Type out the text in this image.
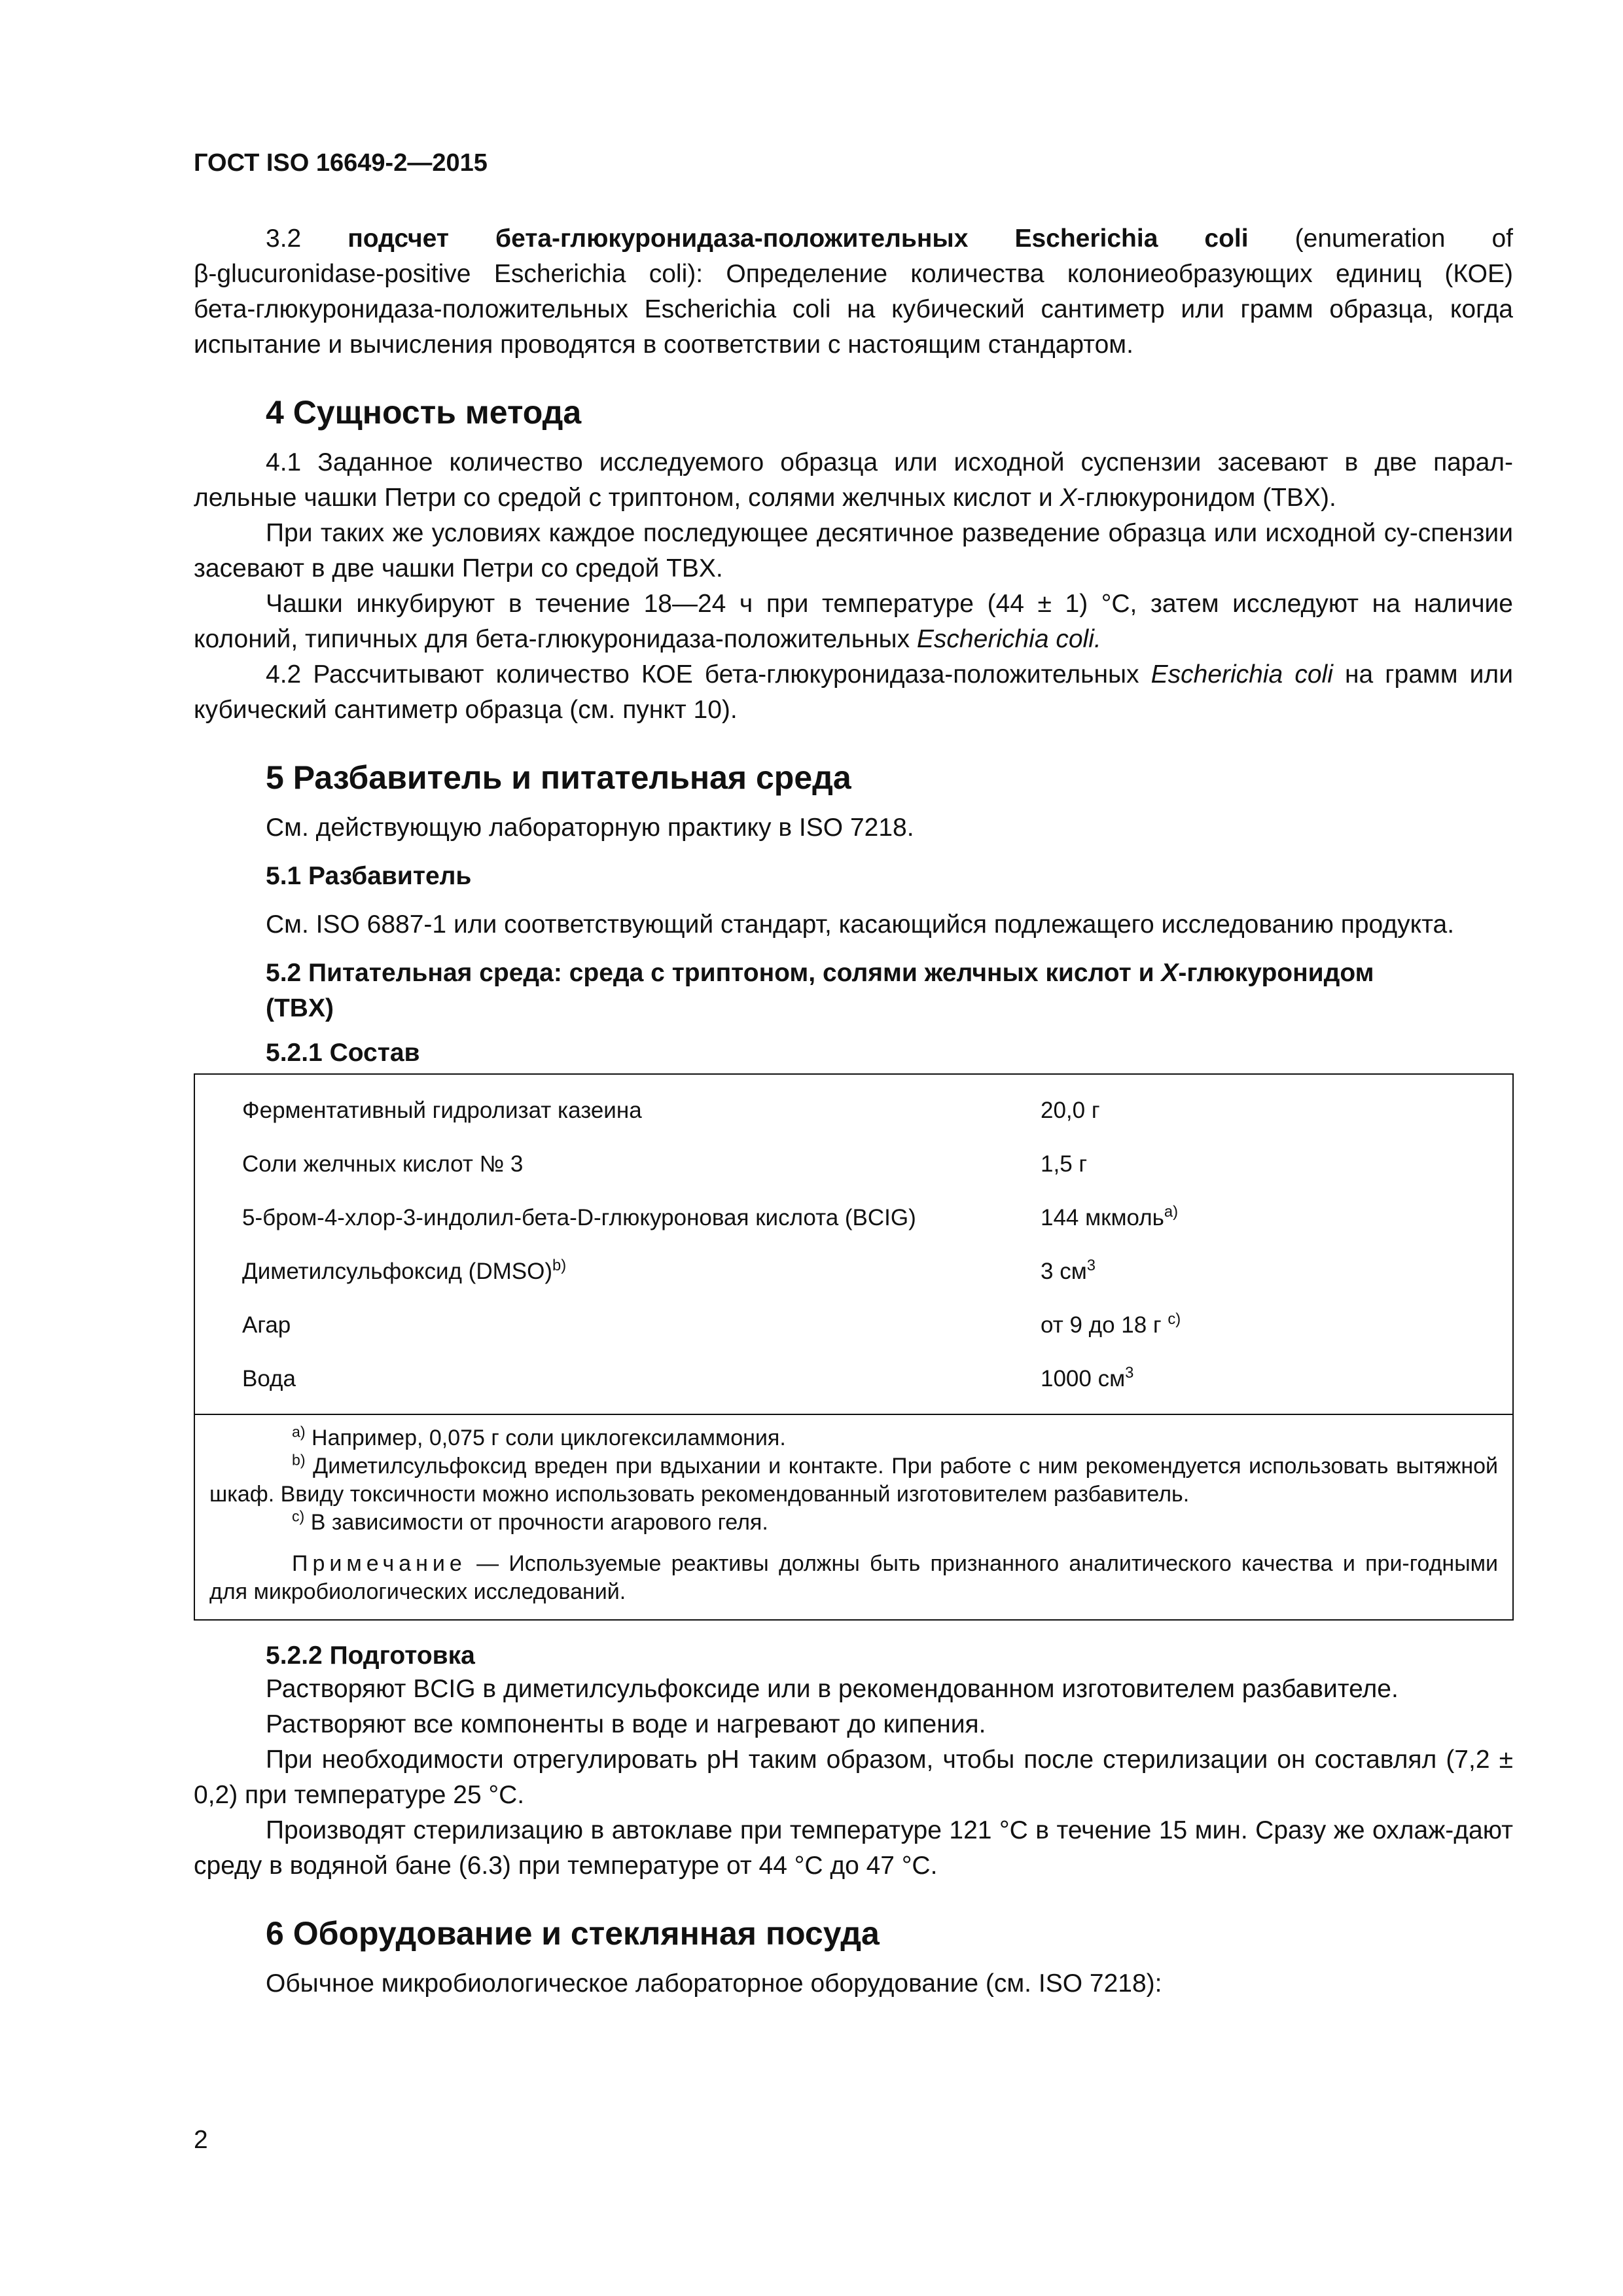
ГОСТ ISO 16649-2—2015

3.2 подсчет бета-глюкуронидаза-положительных Escherichia coli (enumeration of

β-glucuronidase-positive Escherichia coli): Определение количества колониеобразующих единиц (КОЕ)

бета-глюкуронидаза-положительных Escherichia coli на кубический сантиметр или грамм образца, когда

испытание и вычисления проводятся в соответствии с настоящим стандартом.

4 Сущность метода

4.1 Заданное количество исследуемого образца или исходной суспензии засевают в две парал-лельные чашки Петри со средой с триптоном, солями желчных кислот и X-глюкуронидом (TBX).

При таких же условиях каждое последующее десятичное разведение образца или исходной су-спензии засевают в две чашки Петри со средой TBX.

Чашки инкубируют в течение 18—24 ч при температуре (44 ± 1) °С, затем исследуют на наличие колоний, типичных для бета-глюкуронидаза-положительных Escherichia coli.

4.2 Рассчитывают количество КОЕ бета-глюкуронидаза-положительных Escherichia coli на грамм или кубический сантиметр образца (см. пункт 10).

5 Разбавитель и питательная среда

См. действующую лабораторную практику в ISO 7218.

5.1 Разбавитель

См. ISO 6887-1 или соответствующий стандарт, касающийся подлежащего исследованию продукта.

5.2 Питательная среда: среда с триптоном, солями желчных кислот и X-глюкуронидом
(TBX)
5.2.1 Состав
Ферментативный гидролизат казеина	20,0 г
Соли желчных кислот № 3	1,5 г
5-бром-4-хлор-3-индолил-бета-D-глюкуроновая кислота (BCIG)	144 мкмоль$^{a)}$
Диметилсульфоксид (DMSO)$^{b)}$	3 $см^3$
Агар	от 9 до 18 г $^{c)}$
Вода	1000 $см^3$

$^{a)}$ Например, 0,075 г соли циклогексиламмония.

$^{b)}$ Диметилсульфоксид вреден при вдыхании и контакте. При работе с ним рекомендуется использовать вытяжной шкаф. Ввиду токсичности можно использовать рекомендованный изготовителем разбавитель.

$^{c)}$ В зависимости от прочности агарового геля.

Примечание — Используемые реактивы должны быть признанного аналитического качества и при-годными для микробиологических исследований.

5.2.2 Подготовка

Растворяют BCIG в диметилсульфоксиде или в рекомендованном изготовителем разбавителе.

Растворяют все компоненты в воде и нагревают до кипения.

При необходимости отрегулировать pH таким образом, чтобы после стерилизации он составлял (7,2 ± 0,2) при температуре 25 °С.

Производят стерилизацию в автоклаве при температуре 121 °С в течение 15 мин. Сразу же охлаж-дают среду в водяной бане (6.3) при температуре от 44 °С до 47 °С.

6 Оборудование и стеклянная посуда

Обычное микробиологическое лабораторное оборудование (см. ISO 7218):

2
